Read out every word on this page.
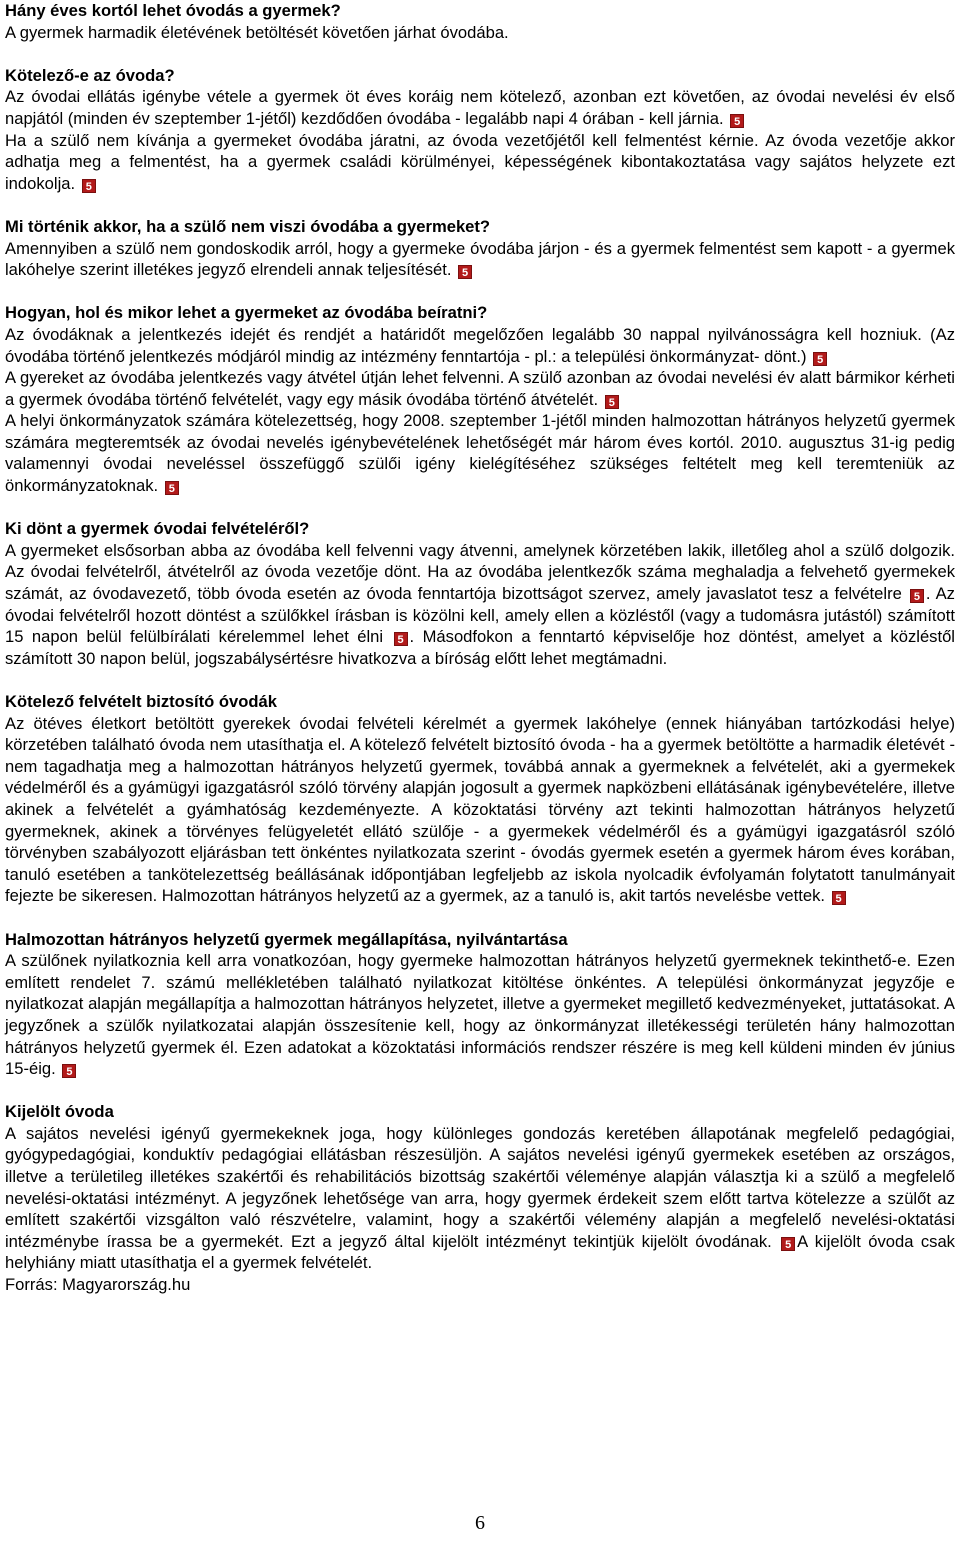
Hány éves kortól lehet óvodás a gyermek?

A gyermek harmadik életévének betöltését követően járhat óvodába.

Kötelező-e az óvoda?

Az óvodai ellátás igénybe vétele a gyermek öt éves koráig nem kötelező, azonban ezt követően, az óvodai nevelési év első napjától (minden év szeptember 1-jétől) kezdődően óvodába - legalább napi 4 órában - kell járnia. 5

Ha a szülő nem kívánja a gyermeket óvodába járatni, az óvoda vezetőjétől kell felmentést kérnie. Az óvoda vezetője akkor adhatja meg a felmentést, ha a gyermek családi körülményei, képességének kibontakoztatása vagy sajátos helyzete ezt indokolja. 5

Mi történik akkor, ha a szülő nem viszi óvodába a gyermeket?

Amennyiben a szülő nem gondoskodik arról, hogy a gyermeke óvodába járjon - és a gyermek felmentést sem kapott - a gyermek lakóhelye szerint illetékes jegyző elrendeli annak teljesítését. 5

Hogyan, hol és mikor lehet a gyermeket az óvodába beíratni?

Az óvodáknak a jelentkezés idejét és rendjét a határidőt megelőzően legalább 30 nappal nyilvánosságra kell hozniuk. (Az óvodába történő jelentkezés módjáról mindig az intézmény fenntartója - pl.: a települési önkormányzat- dönt.) 5

A gyereket az óvodába jelentkezés vagy átvétel útján lehet felvenni. A szülő azonban az óvodai nevelési év alatt bármikor kérheti a gyermek óvodába történő felvételét, vagy egy másik óvodába történő átvételét. 5

A helyi önkormányzatok számára kötelezettség, hogy 2008. szeptember 1-jétől minden halmozottan hátrányos helyzetű gyermek számára megteremtsék az óvodai nevelés igénybevételének lehetőségét már három éves kortól. 2010. augusztus 31-ig pedig valamennyi óvodai neveléssel összefüggő szülői igény kielégítéséhez szükséges feltételt meg kell teremteniük az önkormányzatoknak. 5

Ki dönt a gyermek óvodai felvételéről?

A gyermeket elsősorban abba az óvodába kell felvenni vagy átvenni, amelynek körzetében lakik, illetőleg ahol a szülő dolgozik. Az óvodai felvételről, átvételről az óvoda vezetője dönt. Ha az óvodába jelentkezők száma meghaladja a felvehető gyermekek számát, az óvodavezető, több óvoda esetén az óvoda fenntartója bizottságot szervez, amely javaslatot tesz a felvételre 5 . Az óvodai felvételről hozott döntést a szülőkkel írásban is közölni kell, amely ellen a közléstől (vagy a tudomásra jutástól) számított 15 napon belül felülbírálati kérelemmel lehet élni 5 . Másodfokon a fenntartó képviselője hoz döntést, amelyet a közléstől számított 30 napon belül, jogszabálysértésre hivatkozva a bíróság előtt lehet megtámadni.

Kötelező felvételt biztosító óvodák

Az ötéves életkort betöltött gyerekek óvodai felvételi kérelmét a gyermek lakóhelye (ennek hiányában tartózkodási helye) körzetében található óvoda nem utasíthatja el. A kötelező felvételt biztosító óvoda - ha a gyermek betöltötte a harmadik életévét - nem tagadhatja meg a halmozottan hátrányos helyzetű gyermek, továbbá annak a gyermeknek a felvételét, aki a gyermekek védelméről és a gyámügyi igazgatásról szóló törvény alapján jogosult a gyermek napközbeni ellátásának igénybevételére, illetve akinek a felvételét a gyámhatóság kezdeményezte. A közoktatási törvény azt tekinti halmozottan hátrányos helyzetű gyermeknek, akinek a törvényes felügyeletét ellátó szülője - a gyermekek védelméről és a gyámügyi igazgatásról szóló törvényben szabályozott eljárásban tett önkéntes nyilatkozata szerint - óvodás gyermek esetén a gyermek három éves korában, tanuló esetében a tankötelezettség beállásának időpontjában legfeljebb az iskola nyolcadik évfolyamán folytatott tanulmányait fejezte be sikeresen. Halmozottan hátrányos helyzetű az a gyermek, az a tanuló is, akit tartós nevelésbe vettek. 5

Halmozottan hátrányos helyzetű gyermek megállapítása, nyilvántartása

A szülőnek nyilatkoznia kell arra vonatkozóan, hogy gyermeke halmozottan hátrányos helyzetű gyermeknek tekinthető-e. Ezen említett rendelet 7. számú mellékletében található nyilatkozat kitöltése önkéntes. A települési önkormányzat jegyzője e nyilatkozat alapján megállapítja a halmozottan hátrányos helyzetet, illetve a gyermeket megillető kedvezményeket, juttatásokat. A jegyzőnek a szülők nyilatkozatai alapján összesítenie kell, hogy az önkormányzat illetékességi területén hány halmozottan hátrányos helyzetű gyermek él. Ezen adatokat a közoktatási információs rendszer részére is meg kell küldeni minden év június 15-éig. 5

Kijelölt óvoda

A sajátos nevelési igényű gyermekeknek joga, hogy különleges gondozás keretében állapotának megfelelő pedagógiai, gyógypedagógiai, konduktív pedagógiai ellátásban részesüljön. A sajátos nevelési igényű gyermekek esetében az országos, illetve a területileg illetékes szakértői és rehabilitációs bizottság szakértői véleménye alapján választja ki a szülő a megfelelő nevelési-oktatási intézményt. A jegyzőnek lehetősége van arra, hogy gyermek érdekeit szem előtt tartva kötelezze a szülőt az említett szakértői vizsgálton való részvételre, valamint, hogy a szakértői vélemény alapján a megfelelő nevelési-oktatási intézménybe írassa be a gyermekét. Ezt a jegyző által kijelölt intézményt tekintjük kijelölt óvodának. 5 A kijelölt óvoda csak helyhiány miatt utasíthatja el a gyermek felvételét.

Forrás: Magyarország.hu

6
